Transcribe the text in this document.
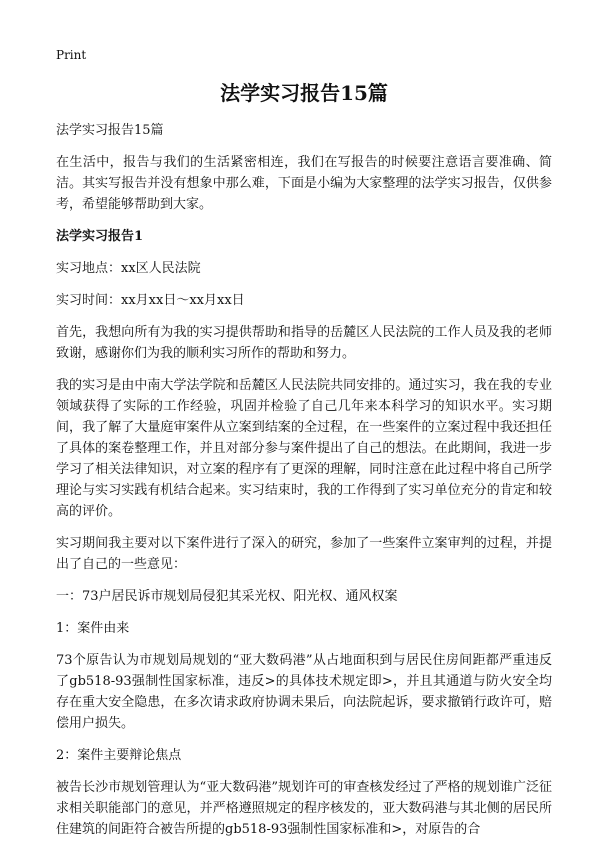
Print
法学实习报告15篇

法学实习报告15篇

在生活中，报告与我们的生活紧密相连，我们在写报告的时候要注意语言要准确、简洁。其实写报告并没有想象中那么难，下面是小编为大家整理的法学实习报告，仅供参考，希望能够帮助到大家。

法学实习报告1

实习地点：xx区人民法院

实习时间：xx月xx日～xx月xx日

首先，我想向所有为我的实习提供帮助和指导的岳麓区人民法院的工作人员及我的老师致谢，感谢你们为我的顺利实习所作的帮助和努力。

我的实习是由中南大学法学院和岳麓区人民法院共同安排的。通过实习，我在我的专业领域获得了实际的工作经验，巩固并检验了自己几年来本科学习的知识水平。实习期间，我了解了大量庭审案件从立案到结案的全过程，在一些案件的立案过程中我还担任了具体的案卷整理工作，并且对部分参与案件提出了自己的想法。在此期间，我进一步学习了相关法律知识，对立案的程序有了更深的理解，同时注意在此过程中将自己所学理论与实习实践有机结合起来。实习结束时，我的工作得到了实习单位充分的肯定和较高的评价。

实习期间我主要对以下案件进行了深入的研究，参加了一些案件立案审判的过程，并提出了自己的一些意见：

一：73户居民诉市规划局侵犯其采光权、阳光权、通风权案

1：案件由来

73个原告认为市规划局规划的“亚大数码港”从占地面积到与居民住房间距都严重违反了gb518-93强制性国家标准，违反>的具体技术规定即>，并且其通道与防火安全均存在重大安全隐患，在多次请求政府协调未果后，向法院起诉，要求撤销行政许可，赔偿用户损失。

2：案件主要辩论焦点

被告长沙市规划管理认为“亚大数码港”规划许可的审查核发经过了严格的规划谁广泛征求相关职能部门的意见，并严格遵照规定的程序核发的，亚大数码港与其北侧的居民所住建筑的间距符合被告所提的gb518-93强制性国家标准和>，对原告的合
